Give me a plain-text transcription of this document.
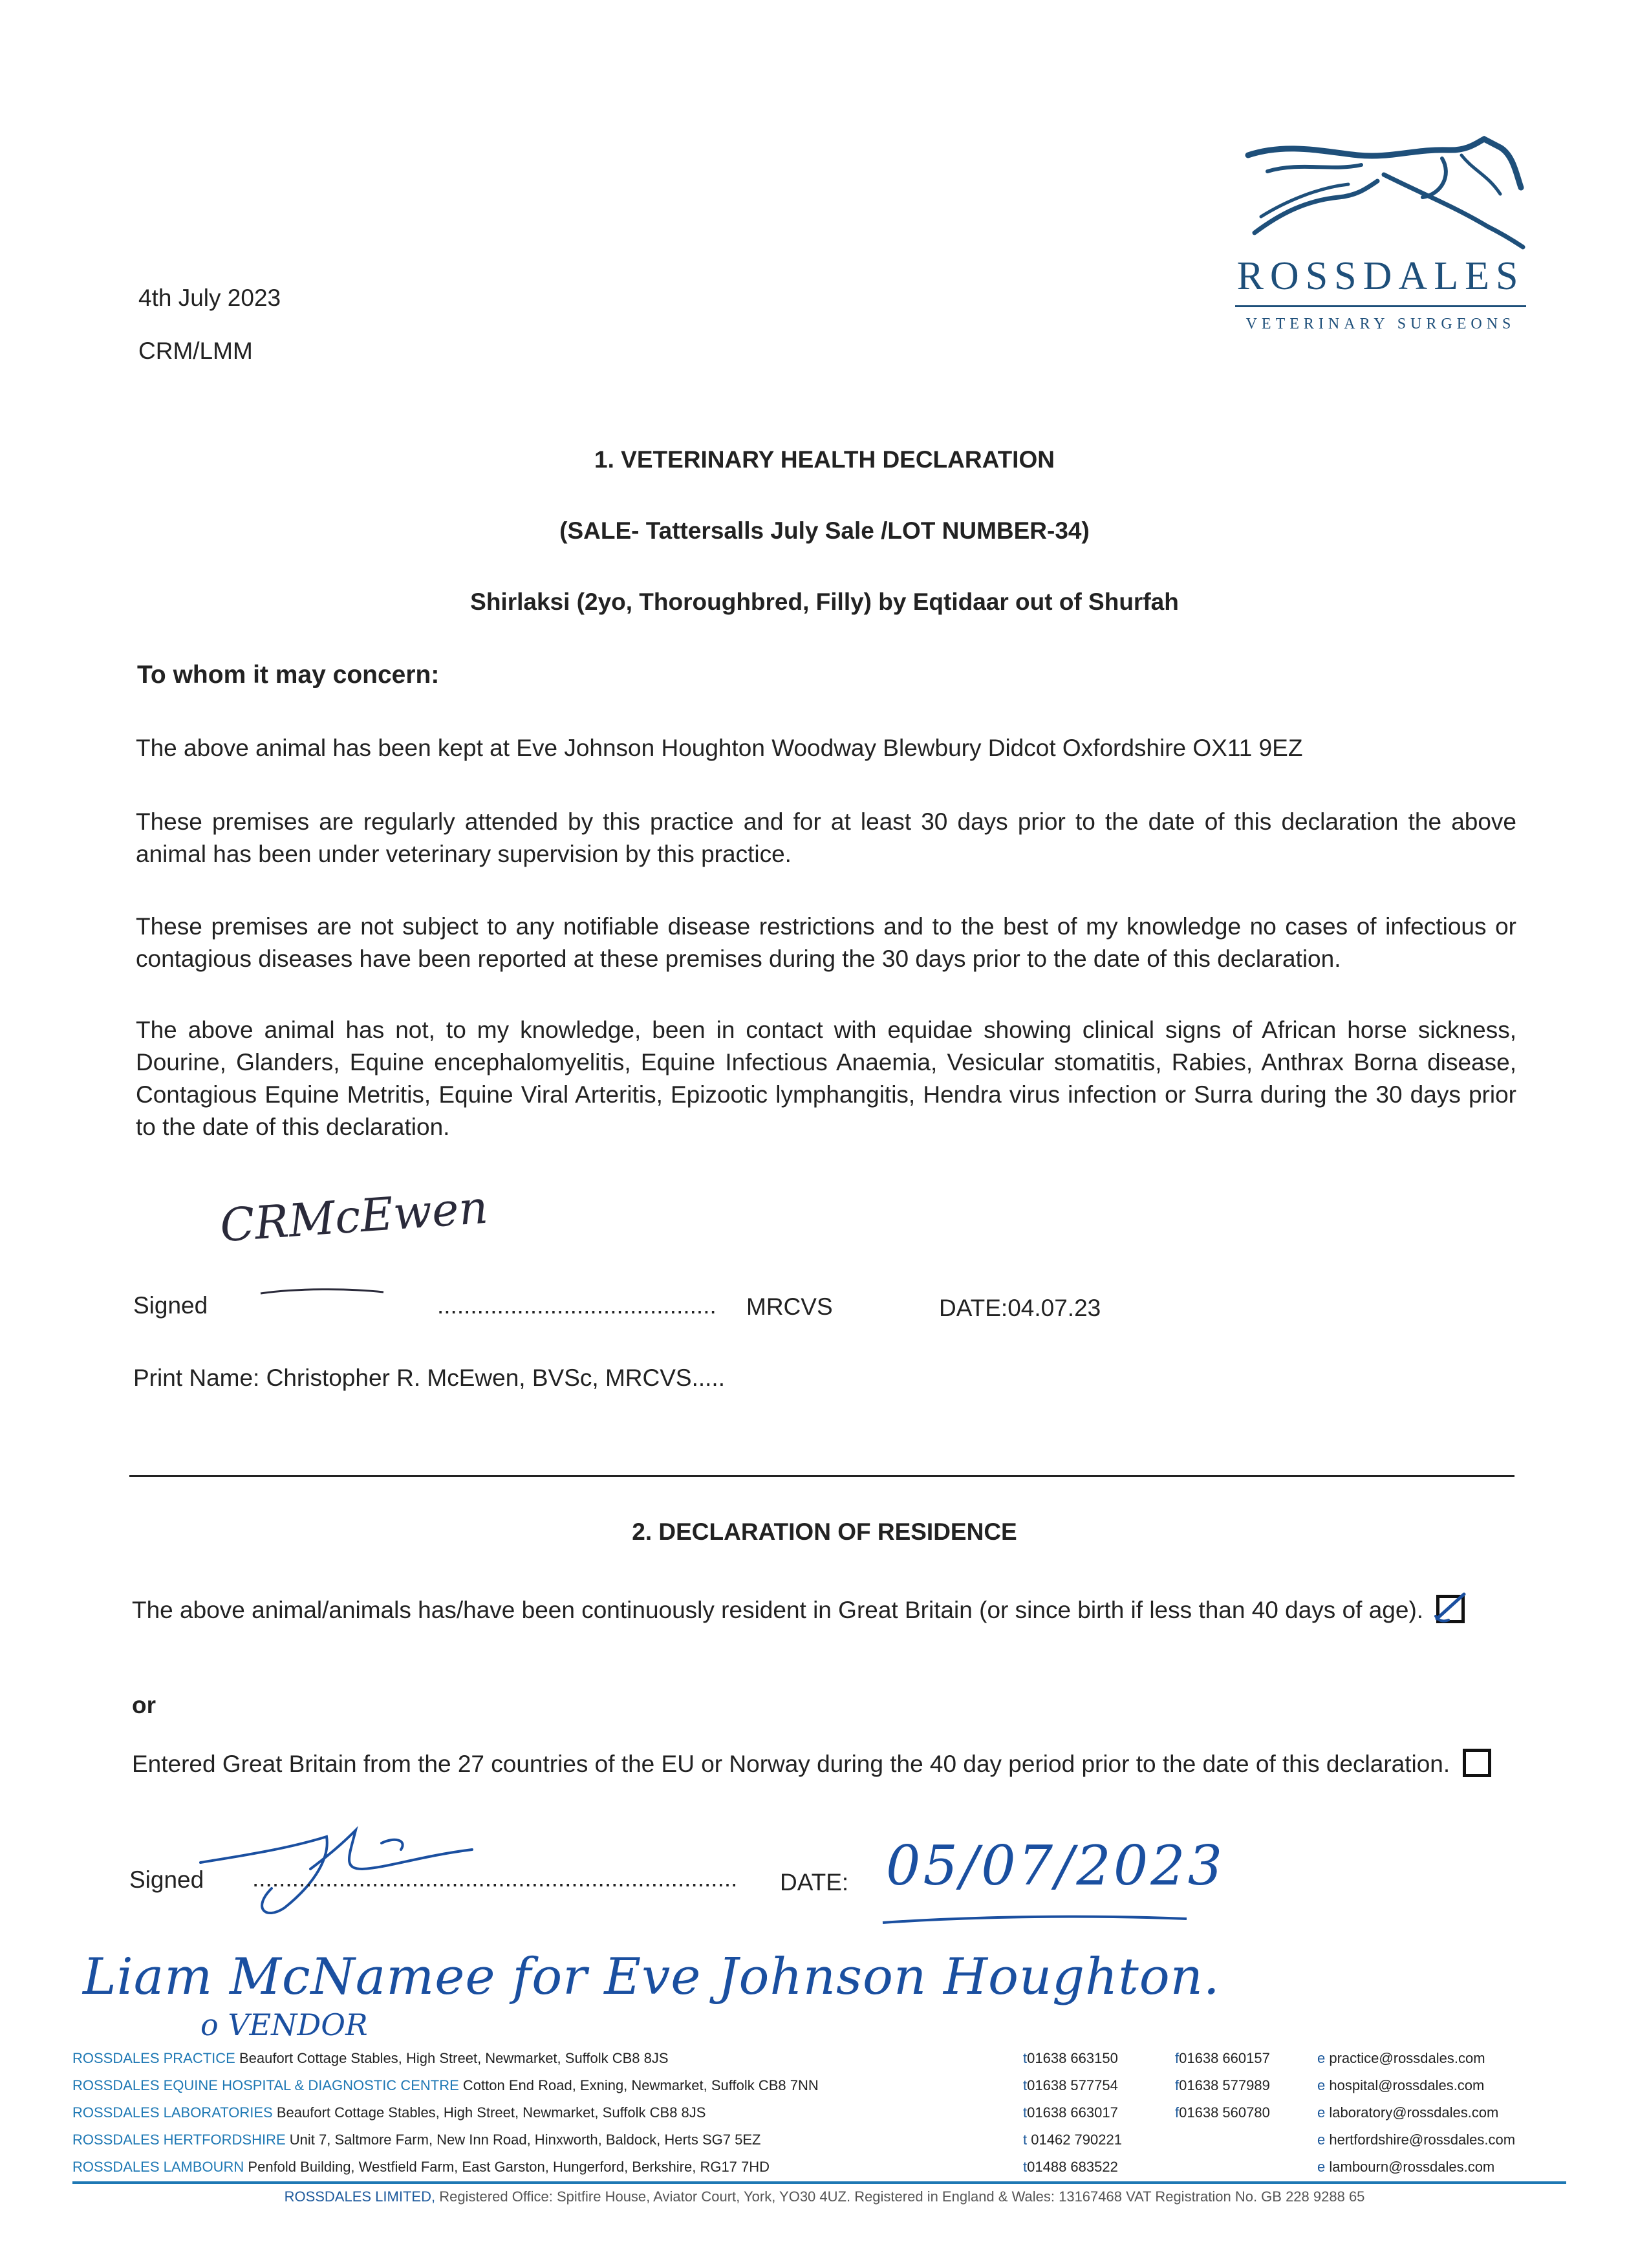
ROSSDALES
VETERINARY SURGEONS
4th July 2023
CRM/LMM
1. VETERINARY HEALTH DECLARATION
(SALE- Tattersalls July Sale /LOT NUMBER-34)
Shirlaksi (2yo, Thoroughbred, Filly) by Eqtidaar out of Shurfah
To whom it may concern:
The above animal has been kept at Eve Johnson Houghton Woodway Blewbury Didcot Oxfordshire OX11 9EZ
These premises are regularly attended by this practice and for at least 30 days prior to the date of this declaration the above animal has been under veterinary supervision by this practice.
These premises are not subject to any notifiable disease restrictions and to the best of my knowledge no cases of infectious or contagious diseases have been reported at these premises during the 30 days prior to the date of this declaration.
The above animal has not, to my knowledge, been in contact with equidae showing clinical signs of African horse sickness, Dourine, Glanders, Equine encephalomyelitis, Equine Infectious Anaemia, Vesicular stomatitis, Rabies, Anthrax Borna disease, Contagious Equine Metritis, Equine Viral Arteritis, Epizootic lymphangitis, Hendra virus infection or Surra during the 30 days prior to the date of this declaration.
CRMcEwen
Signed	.......................................... MRCVS	DATE:04.07.23
Print Name: Christopher R. McEwen, BVSc, MRCVS.....
2. DECLARATION OF RESIDENCE
The above animal/animals has/have been continuously resident in Great Britain (or since birth if less than 40 days of age).
or
Entered Great Britain from the 27 countries of the EU or Norway during the 40 day period prior to the date of this declaration.
Signed ......................................................................... DATE: 05/07/2023
Liam McNamee for Eve Johnson Houghton.
o VENDOR
ROSSDALES PRACTICE Beaufort Cottage Stables, High Street, Newmarket, Suffolk CB8 8JS	t01638 663150	f01638 660157	e practice@rossdales.com
ROSSDALES EQUINE HOSPITAL & DIAGNOSTIC CENTRE Cotton End Road, Exning, Newmarket, Suffolk CB8 7NN	t01638 577754	f01638 577989	e hospital@rossdales.com
ROSSDALES LABORATORIES Beaufort Cottage Stables, High Street, Newmarket, Suffolk CB8 8JS	t01638 663017	f01638 560780	e laboratory@rossdales.com
ROSSDALES HERTFORDSHIRE Unit 7, Saltmore Farm, New Inn Road, Hinxworth, Baldock, Herts SG7 5EZ	t 01462 790221	e hertfordshire@rossdales.com
ROSSDALES LAMBOURN Penfold Building, Westfield Farm, East Garston, Hungerford, Berkshire, RG17 7HD	t01488 683522	e lambourn@rossdales.com
ROSSDALES LIMITED, Registered Office: Spitfire House, Aviator Court, York, YO30 4UZ. Registered in England & Wales: 13167468 VAT Registration No. GB 228 9288 65
